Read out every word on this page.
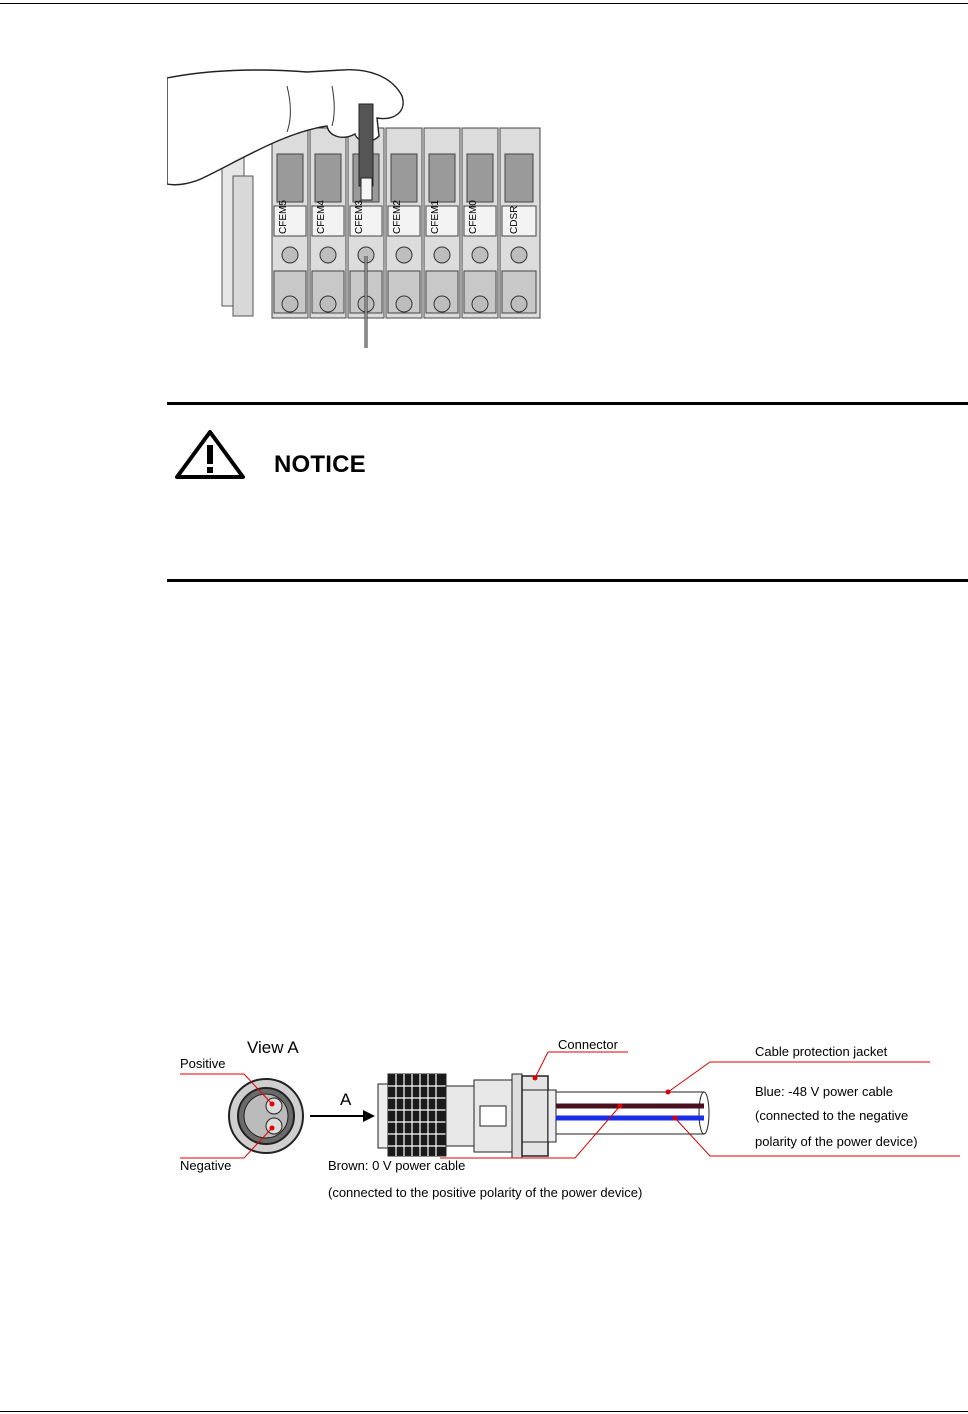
CFEM5	CFEM4	CFEM3	CFEM2	CFEM1	CFEM0	CDSR
NOTICE
View A
Positive
Negative
A
Connector	Cable protection jacket
Blue: -48 V power cable
(connected to the negative
polarity of the power device)
Brown: 0 V power cable
(connected to the positive polarity of the power device)
